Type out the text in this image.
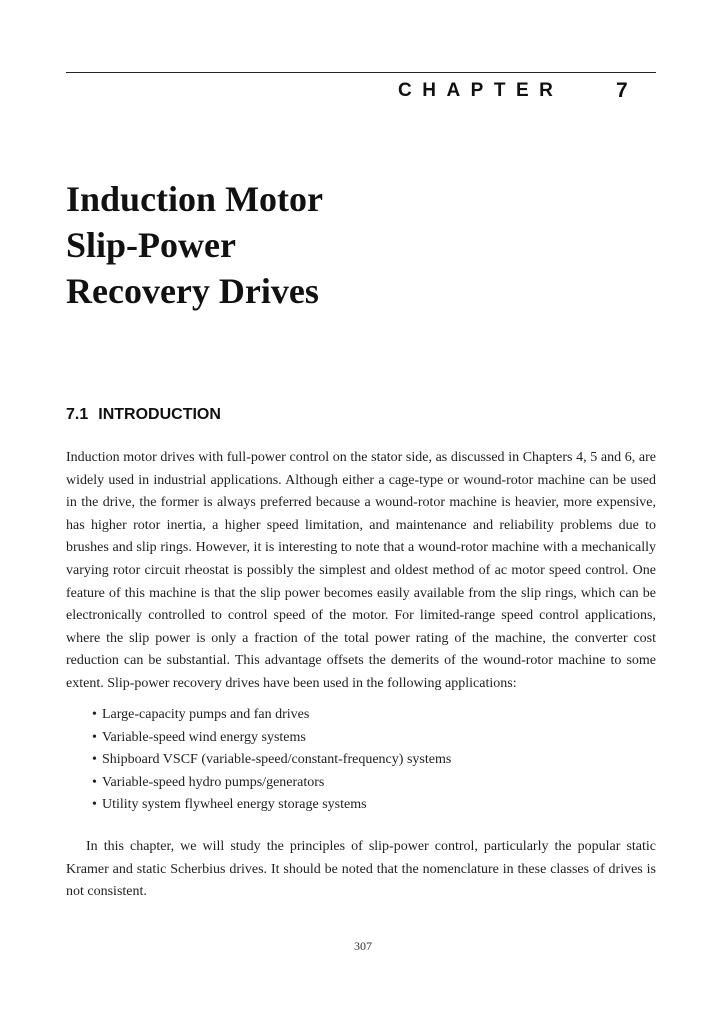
CHAPTER	7
Induction Motor
Slip-Power
Recovery Drives
7.1 INTRODUCTION

Induction motor drives with full-power control on the stator side, as discussed in Chapters 4, 5 and 6, are widely used in industrial applications. Although either a cage-type or wound-rotor machine can be used in the drive, the former is always preferred because a wound-rotor machine is heavier, more expensive, has higher rotor inertia, a higher speed limitation, and maintenance and reliability problems due to brushes and slip rings. However, it is interesting to note that a wound-rotor machine with a mechanically varying rotor circuit rheostat is possibly the simplest and oldest method of ac motor speed control. One feature of this machine is that the slip power becomes easily available from the slip rings, which can be electronically controlled to control speed of the motor. For limited-range speed control applications, where the slip power is only a fraction of the total power rating of the machine, the converter cost reduction can be substantial. This advantage offsets the demerits of the wound-rotor machine to some extent. Slip-power recovery drives have been used in the following applications:

• Large-capacity pumps and fan drives
• Variable-speed wind energy systems
• Shipboard VSCF (variable-speed/constant-frequency) systems
• Variable-speed hydro pumps/generators
• Utility system flywheel energy storage systems

In this chapter, we will study the principles of slip-power control, particularly the popular static Kramer and static Scherbius drives. It should be noted that the nomenclature in these classes of drives is not consistent.

307
